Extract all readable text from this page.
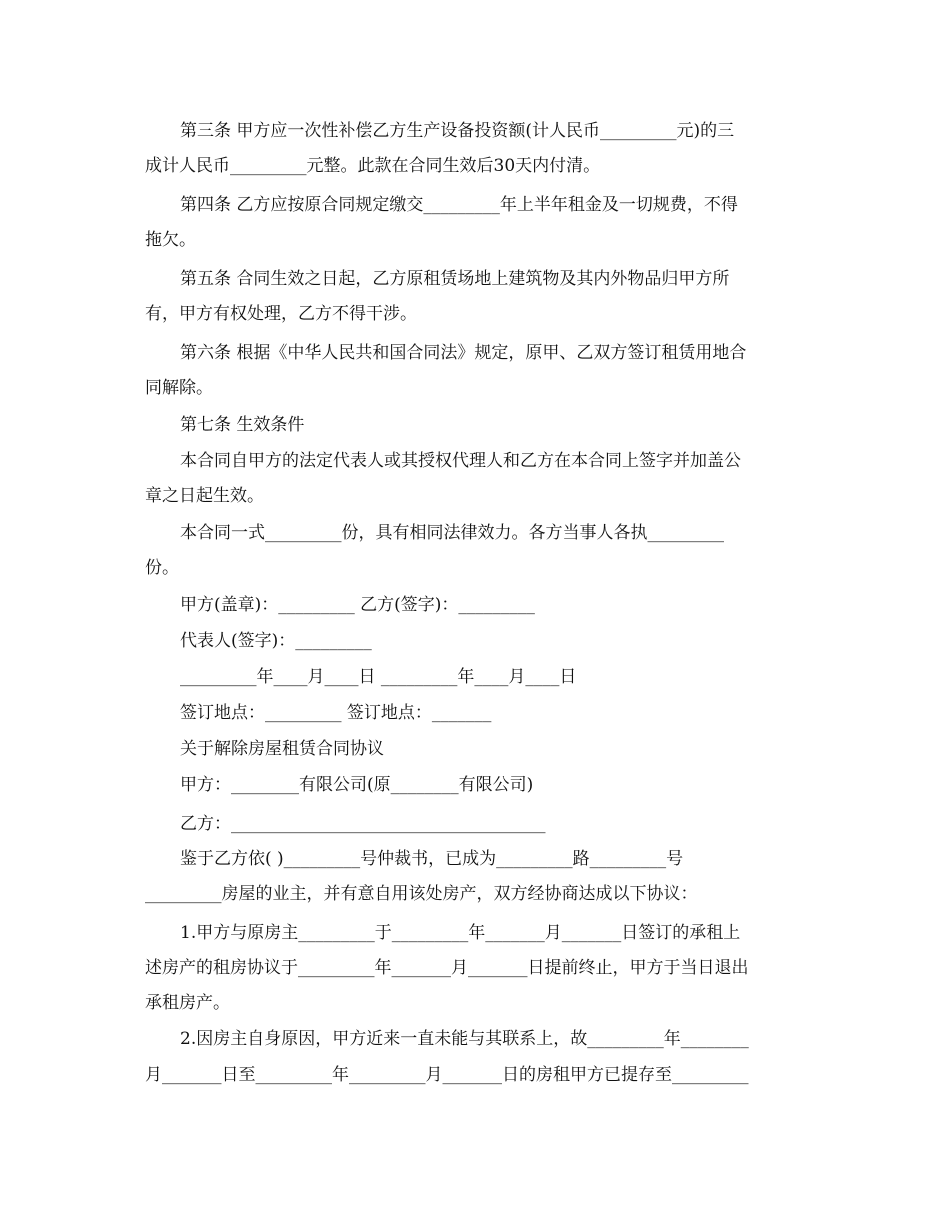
第三条 甲方应一次性补偿乙方生产设备投资额(计人民币_________元)的三
成计人民币_________元整。此款在合同生效后30天内付清。
第四条 乙方应按原合同规定缴交_________年上半年租金及一切规费，不得
拖欠。
第五条 合同生效之日起，乙方原租赁场地上建筑物及其内外物品归甲方所
有，甲方有权处理，乙方不得干涉。
第六条 根据《中华人民共和国合同法》规定，原甲、乙双方签订租赁用地合
同解除。
第七条 生效条件
本合同自甲方的法定代表人或其授权代理人和乙方在本合同上签字并加盖公
章之日起生效。
本合同一式_________份，具有相同法律效力。各方当事人各执_________
份。
甲方(盖章)：_________ 乙方(签字)：_________
代表人(签字)：_________
_________年____月____日 _________年____月____日
签订地点：_________ 签订地点：_______
关于解除房屋租赁合同协议
甲方：________有限公司(原________有限公司)
乙方：_____________________________________
鉴于乙方依( )_________号仲裁书，已成为_________路_________号
_________房屋的业主，并有意自用该处房产，双方经协商达成以下协议：
1.甲方与原房主_________于_________年_______月_______日签订的承租上
述房产的租房协议于_________年_______月_______日提前终止，甲方于当日退出
承租房产。
2.因房主自身原因，甲方近来一直未能与其联系上，故_________年________
月_______日至_________年_________月_______日的房租甲方已提存至_________
